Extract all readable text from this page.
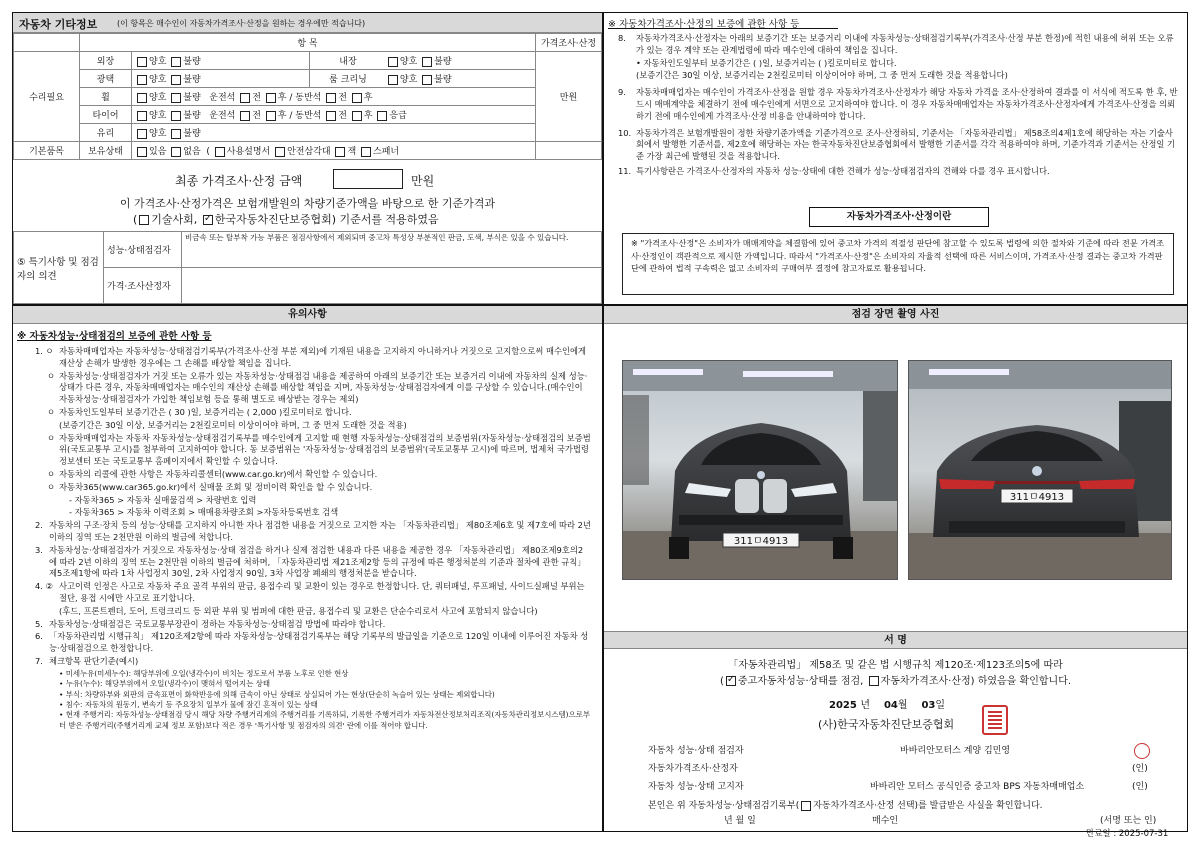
자동차 기타정보 (이 항목은 매수인이 자동차가격조사·산정을 원하는 경우에만 적습니다)
	항 목			가격조사·산정
수리필요	외장	양호 불량	내장 양호 불량	만원
	광택	양호 불량	룸 크리닝 양호 불량	
	휠	양호 불량 운전석 전 후 / 동반석 전 후		
	타이어	양호 불량 운전석 전 후 / 동반석 전 후 응급		
	유리	양호 불량		
기본품목	보유상태	있음 없음  ( 사용설명서 안전삼각대 잭 스패너		
최종 가격조사·산정 금액	만원
이 가격조사·산정가격은 보험개발원의 차량기준가액을 바탕으로 한 기준가격과
( 기술사회, ✓ 한국자동차진단보증협회) 기준서를 적용하였음
⑤ 특기사항 및 점검자의 의견	성능·상태점검자	비금속 또는 탈부착 가능 부품은 점검사항에서 제외되며 중고차 특성상 부분적인 판금, 도색, 부식은 있을 수 있습니다.
	가격·조사산정자	
※ 자동차가격조사·산정의 보증에 관한 사항 등
8. 자동차가격조사·산정자는 아래의 보증기간 또는 보증거리 이내에 자동차성능·상태점검기록부(가격조사·산정 부분 한정)에 적힌 내용에 허위 또는 오류가 있는 경우 계약 또는 관계법령에 따라 매수인에 대하여 책임을 집니다.
• 자동차인도일부터 보증기간은 ( )일, 보증거리는 ( )킬로미터로 합니다.
(보증기간은 30일 이상, 보증거리는 2천킬로미터 이상이어야 하며, 그 중 먼저 도래한 것을 적용합니다)
9. 자동차매매업자는 매수인이 가격조사·산정을 원할 경우 자동차가격조사·산정자가 해당 자동차 가격을 조사·산정하여 결과를 이 서식에 적도록 한 후, 반드시 매매계약을 체결하기 전에 매수인에게 서면으로 고지하여야 합니다. 이 경우 자동차매매업자는 자동차가격조사·산정자에게 가격조사·산정을 의뢰하기 전에 매수인에게 가격조사·산정 비용을 안내하여야 합니다.
10. 자동차가격은 보험개발원이 정한 차량기준가액을 기준가격으로 조사·산정하되, 기준서는 「자동차관리법」 제58조의4제1호에 해당하는 자는 기술사회에서 발행한 기준서를, 제2호에 해당하는 자는 한국자동차진단보증협회에서 발행한 기준서를 각각 적용하여야 하며, 기준가격과 기준서는 산정일 기준 가장 최근에 발행된 것을 적용합니다.
11. 특기사항란은 가격조사·산정자의 자동차 성능·상태에 대한 견해가 성능·상태점검자의 견해와 다를 경우 표시합니다.
자동차가격조사·산정이란
※ "가격조사·산정"은 소비자가 매매계약을 체결함에 있어 중고차 가격의 적절성 판단에 참고할 수 있도록 법령에 의한 절차와 기준에 따라 전문 가격조사·산정인이 객관적으로 제시한 가액입니다. 따라서 "가격조사·산정"은 소비자의 자율적 선택에 따른 서비스이며, 가격조사·산정 결과는 중고차 가격판단에 관하여 법적 구속력은 없고 소비자의 구매여부 결정에 참고자료로 활용됩니다.
유의사항
※ 자동차성능·상태점검의 보증에 관한 사항 등
1. ㅇ 자동차매매업자는 자동차성능·상태점검기록부(가격조사·산정 부분 제외)에 기재된 내용을 고지하지 아니하거나 거짓으로 고지함으로써 매수인에게 재산상 손해가 발생한 경우에는 그 손해를 배상할 책임을 집니다.
ㅇ 자동차성능·상태점검자가 거짓 또는 오류가 있는 자동차성능·상태점검 내용을 제공하여 아래의 보증기간 또는 보증거리 이내에 자동차의 실제 성능·상태가 다른 경우, 자동차매매업자는 매수인의 재산상 손해를 배상할 책임을 지며, 자동차성능·상태점검자에게 이를 구상할 수 있습니다.(매수인이 자동차성능·상태점검자가 가입한 책임보험 등을 통해 별도로 배상받는 경우는 제외)
ㅇ 자동차인도일부터 보증기간은 ( 30 )일, 보증거리는 ( 2,000 )킬로미터로 합니다.
(보증기간은 30일 이상, 보증거리는 2천킬로미터 이상이어야 하며, 그 중 먼저 도래한 것을 적용)
ㅇ 자동차매매업자는 자동차 자동차성능·상태점검기록부를 매수인에게 고지할 때 현행 자동차성능·상태점검의 보증범위(자동차성능·상태점검의 보증범위(국토교통부 고시)를 첨부하여 고지하여야 합니다. 동 보증범위는 '자동차성능·상태점검의 보증범위'(국토교통부 고시)에 따르며, 법제처 국가법령정보센터 또는 국토교통부 홈페이지에서 확인할 수 있습니다.
ㅇ 자동차의 리콜에 관한 사항은 자동차리콜센터(www.car.go.kr)에서 확인할 수 있습니다.
ㅇ 자동차365(www.car365.go.kr)에서 실매물 조회 및 정비이력 확인을 할 수 있습니다.
- 자동차365 > 자동차 실매물검색 > 차량번호 입력
- 자동차365 > 자동차 이력조회 > 매매용차량조회 >자동차등록번호 검색
2. 자동차의 구조·장치 등의 성능·상태를 고지하지 아니한 자나 점검한 내용을 거짓으로 고지한 자는 「자동차관리법」 제80조제6호 및 제7호에 따라 2년 이하의 징역 또는 2천만원 이하의 벌금에 처합니다.
3. 자동차성능·상태점검자가 거짓으로 자동차성능·상태 점검을 하거나 실제 점검한 내용과 다른 내용을 제공한 경우 「자동차관리법」 제80조제9호의2에 따라 2년 이하의 징역 또는 2천만원 이하의 벌금에 처하며, 「자동차관리법 제21조제2항 등의 규정에 따른 행정처분의 기준과 절차에 관한 규칙」 제5조제1항에 따라 1차 사업정지 30일, 2차 사업정지 90일, 3차 사업장 폐쇄의 행정처분을 받습니다.
4. ② 사고이력 인정은 사고로 자동차 주요 골격 부위의 판금, 용접수리 및 교환이 있는 경우로 한정합니다. 단, 쿼터패널, 루프패널, 사이드실패널 부위는 절단, 용접 시에만 사고로 표기합니다.
(후드, 프론트펜더, 도어, 트렁크리드 등 외판 부위 및 범퍼에 대한 판금, 용접수리 및 교환은 단순수리로서 사고에 포함되지 않습니다)
5. 자동차성능·상태점검은 국토교통부장관이 정하는 자동차성능·상태점검 방법에 따라야 합니다.
6. 「자동차관리법 시행규칙」 제120조제2항에 따라 자동차성능·상태점검기록부는 해당 기록부의 발급일을 기준으로 120일 이내에 이루어진 자동차 성능·상태점검으로 한정합니다.
7. 체크항목 판단기준(예시)
• 미세누유(미세누수): 해당부위에 오일(냉각수)이 비치는 정도로서 부품 노후로 인한 현상
• 누유(누수): 해당부위에서 오일(냉각수)이 맺혀서 떨어지는 상태
• 부식: 차량하부와 외판의 금속표면이 화학반응에 의해 금속이 아닌 상태로 상실되어 가는 현상(단순히 녹슬어 있는 상태는 제외합니다)
• 침수: 자동차의 원동기, 변속기 등 주요장치 일부가 물에 잠긴 흔적이 있는 상태
• 현재 주행거리: 자동차성능·상태점검 당시 해당 차량 주행거리계의 주행거리를 기록하되, 기록한 주행거리가 자동차전산정보처리조직(자동차관리정보시스템)으로부터 받은 주행거리(주행거리계 교체 정보 포함)보다 적은 경우 '특기사항 및 점검자의 의견' 란에 이를 적어야 합니다.
점검 장면 촬영 사진
311ㅁ4913
311ㅁ4913
서 명
「자동차관리법」 제58조 및 같은 법 시행규칙 제120조·제123조의5에 따라
( ✓ 중고자동차성능·상태를 점검, 자동차가격조사·산정) 하였음을 확인합니다.
2025 년 04월 03일
(사)한국자동차진단보증협회
자동차 성능·상태 점검자	바바리안모터스 계양 김민영
자동차가격조사·산정자	(인)
자동차 성능·상태 고지자	바바리안 모터스 공식인증 중고차 BPS 자동차매매업소	(인)
본인은 위 자동차성능·상태점검기록부( 자동차가격조사·산정 선택)를 발급받은 사실을 확인합니다.
년 월 일	매수인	(서명 또는 인)
만료일 : 2025-07-31
